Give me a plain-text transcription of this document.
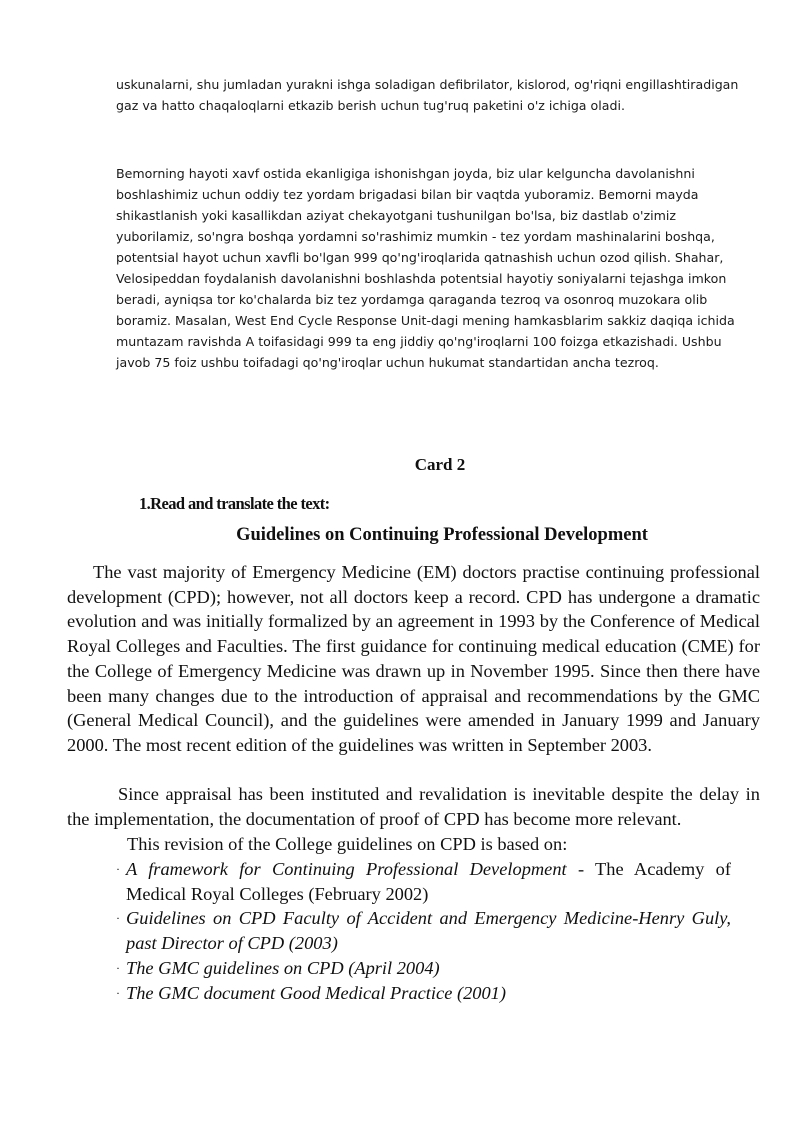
uskunalarni, shu jumladan yurakni ishga soladigan defibrilator, kislorod, og'riqni engillashtiradigan gaz va hatto chaqaloqlarni etkazib berish uchun tug'ruq paketini o'z ichiga oladi.

Bemorning hayoti xavf ostida ekanligiga ishonishgan joyda, biz ular kelguncha davolanishni boshlashimiz uchun oddiy tez yordam brigadasi bilan bir vaqtda yuboramiz. Bemorni mayda shikastlanish yoki kasallikdan aziyat chekayotgani tushunilgan bo'lsa, biz dastlab o'zimiz yuborilamiz, so'ngra boshqa yordamni so'rashimiz mumkin - tez yordam mashinalarini boshqa, potentsial hayot uchun xavfli bo'lgan 999 qo'ng'iroqlarida qatnashish uchun ozod qilish. Shahar, Velosipeddan foydalanish davolanishni boshlashda potentsial hayotiy soniyalarni tejashga imkon beradi, ayniqsa tor ko'chalarda biz tez yordamga qaraganda tezroq va osonroq muzokara olib boramiz. Masalan, West End Cycle Response Unit-dagi mening hamkasblarim sakkiz daqiqa ichida muntazam ravishda A toifasidagi 999 ta eng jiddiy qo'ng'iroqlarni 100 foizga etkazishadi. Ushbu javob 75 foiz ushbu toifadagi qo'ng'iroqlar uchun hukumat standartidan ancha tezroq.

Card 2
1.Read and translate the text:
Guidelines on Continuing Professional Development

The vast majority of Emergency Medicine (EM) doctors practise continuing professional development (CPD); however, not all doctors keep a record. CPD has undergone a dramatic evolution and was initially formalized by an agreement in 1993 by the Conference of Medical Royal Colleges and Faculties. The first guidance for continuing medical education (CME) for the College of Emergency Medicine was drawn up in November 1995. Since then there have been many changes due to the introduction of appraisal and recommendations by the GMC (General Medical Council), and the guidelines were amended in January 1999 and January 2000. The most recent edition of the guidelines was written in September 2003.

Since appraisal has been instituted and revalidation is inevitable despite the delay in the implementation, the documentation of proof of CPD has become more relevant.

This revision of the College guidelines on CPD is based on:

· A framework for Continuing Professional Development - The Academy of Medical Royal Colleges (February 2002)
· Guidelines on CPD Faculty of Accident and Emergency Medicine-Henry Guly, past Director of CPD (2003)
· The GMC guidelines on CPD (April 2004)
· The GMC document Good Medical Practice (2001)
